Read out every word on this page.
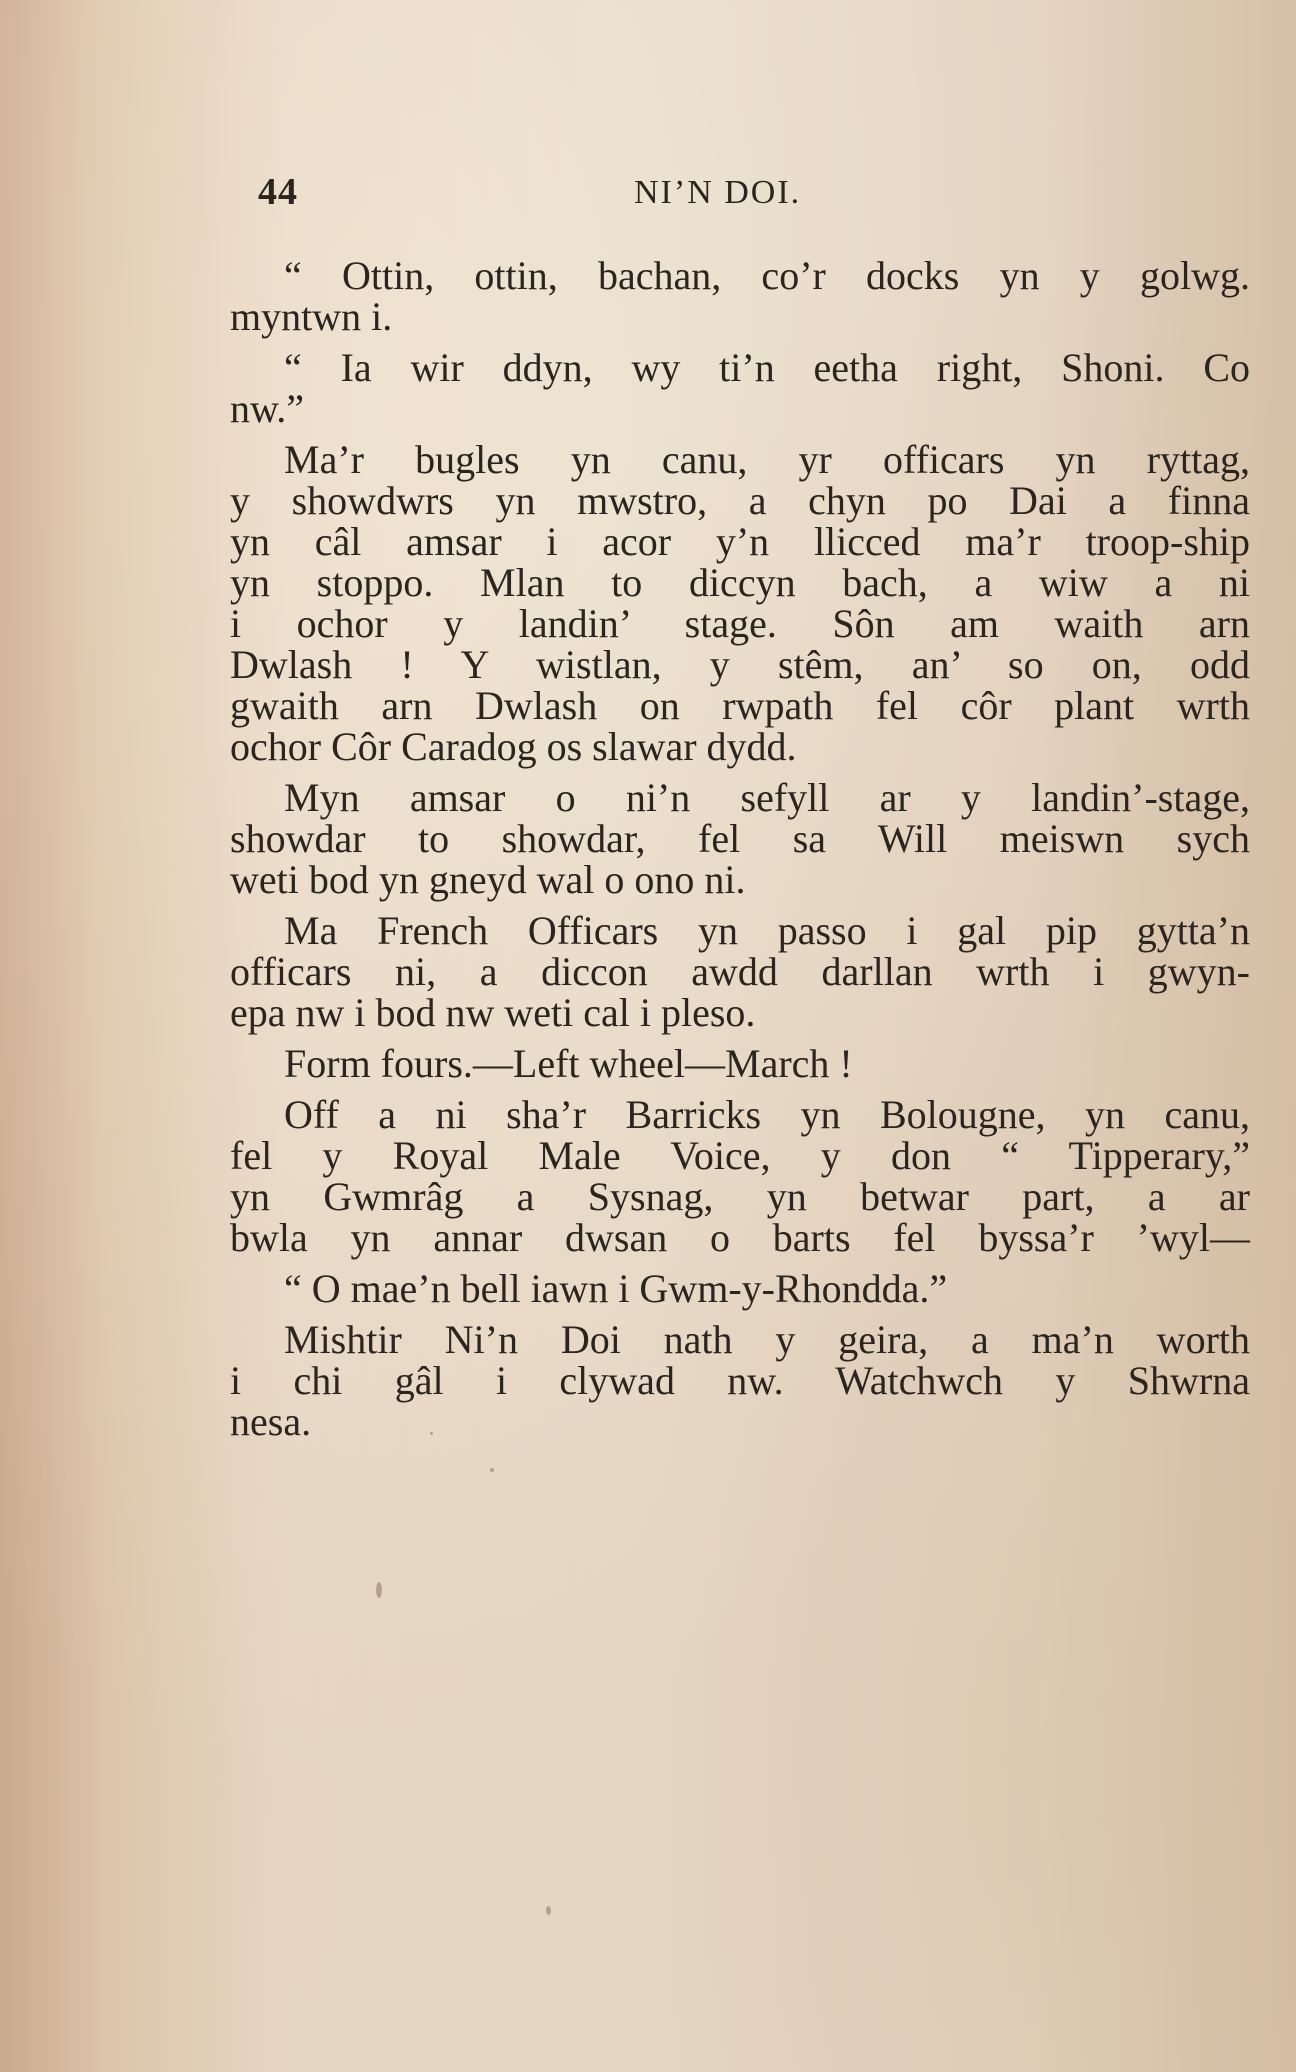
44	NI’N DOI.
“ Ottin, ottin, bachan, co’r docks yn y golwg.
myntwn i.
“ Ia wir ddyn, wy ti’n eetha right, Shoni. Co
nw.”
Ma’r bugles yn canu, yr officars yn ryttag,
y showdwrs yn mwstro, a chyn po Dai a finna
yn câl amsar i acor y’n llicced ma’r troop-ship
yn stoppo. Mlan to diccyn bach, a wiw a ni
i ochor y landin’ stage. Sôn am waith arn
Dwlash ! Y wistlan, y stêm, an’ so on, odd
gwaith arn Dwlash on rwpath fel côr plant wrth
ochor Côr Caradog os slawar dydd.
Myn amsar o ni’n sefyll ar y landin’-stage,
showdar to showdar, fel sa Will meiswn sych
weti bod yn gneyd wal o ono ni.
Ma French Officars yn passo i gal pip gytta’n
officars ni, a diccon awdd darllan wrth i gwyn-
epa nw i bod nw weti cal i pleso.
Form fours.—Left wheel—March !
Off a ni sha’r Barricks yn Bolougne, yn canu,
fel y Royal Male Voice, y don “ Tipperary,”
yn Gwmrâg a Sysnag, yn betwar part, a ar
bwla yn annar dwsan o barts fel byssa’r ’wyl—
“ O mae’n bell iawn i Gwm-y-Rhondda.”
Mishtir Ni’n Doi nath y geira, a ma’n worth
i chi gâl i clywad nw. Watchwch y Shwrna
nesa.
